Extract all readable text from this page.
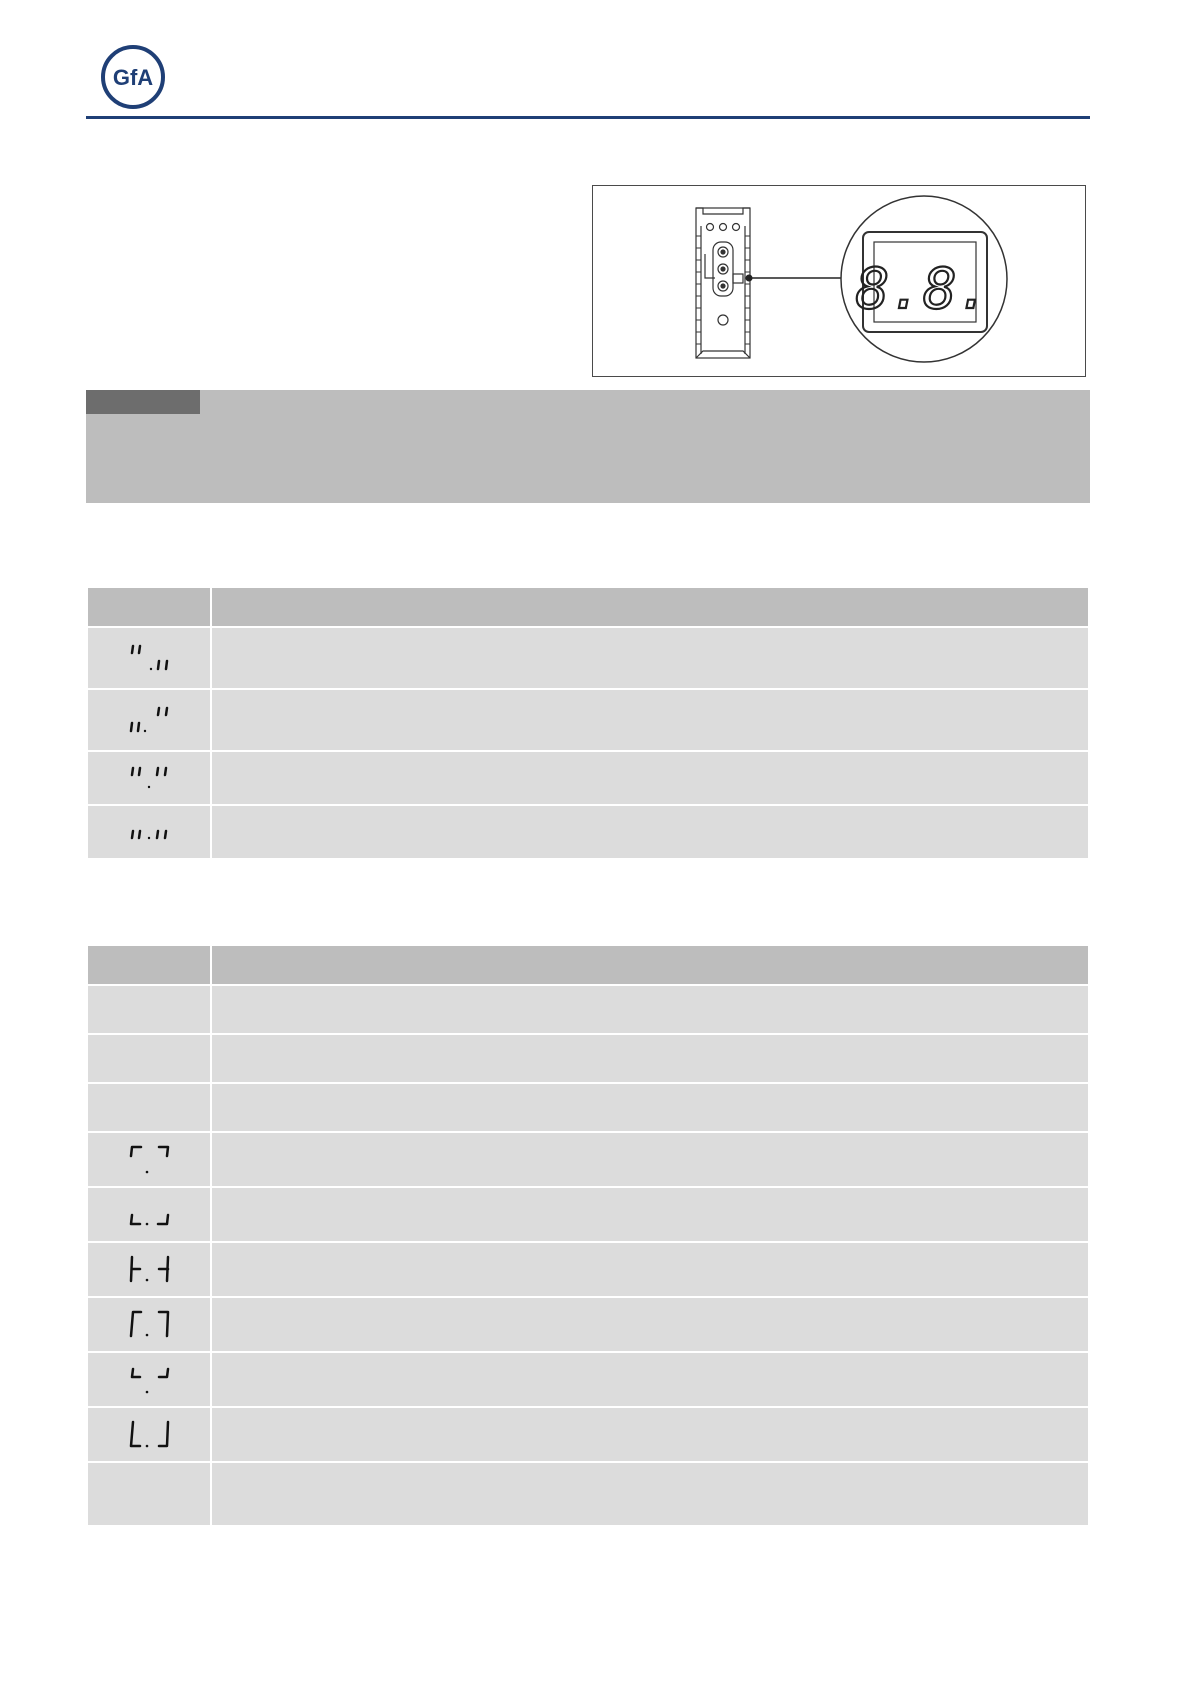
GfA
8.8.
